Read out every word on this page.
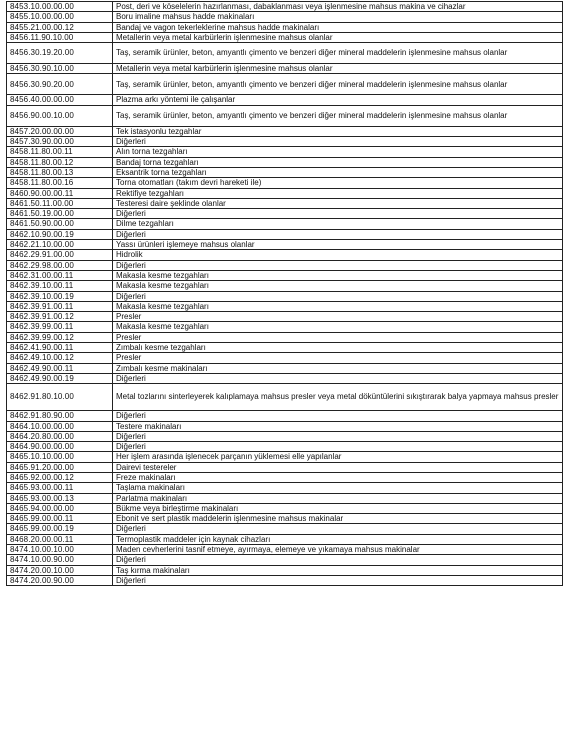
8453.10.00.00.00	Post, deri ve köselelerin hazırlanması, dabaklanması veya işlenmesine mahsus makina ve cihazlar
8455.10.00.00.00	Boru imaline mahsus hadde makinaları
8455.21.00.00.12	Bandaj ve vagon tekerleklerine mahsus hadde makinaları
8456.11.90.10.00	Metallerin veya metal karbürlerin işlenmesine mahsus olanlar
8456.30.19.20.00	Taş, seramik ürünler, beton, amyantlı çimento ve benzeri diğer mineral maddelerin işlenmesine mahsus olanlar
8456.30.90.10.00	Metallerin veya metal karbürlerin işlenmesine mahsus olanlar
8456.30.90.20.00	Taş, seramik ürünler, beton, amyantlı çimento ve benzeri diğer mineral maddelerin işlenmesine mahsus olanlar
8456.40.00.00.00	Plazma arkı yöntemi ile çalışanlar
8456.90.00.10.00	Taş, seramik ürünler, beton, amyantlı çimento ve benzeri diğer mineral maddelerin işlenmesine mahsus olanlar
8457.20.00.00.00	Tek istasyonlu tezgahlar
8457.30.90.00.00	Diğerleri
8458.11.80.00.11	Alın torna tezgahları
8458.11.80.00.12	Bandaj torna tezgahları
8458.11.80.00.13	Eksantrik torna tezgahları
8458.11.80.00.16	Torna otomatları (takım devri hareketi ile)
8460.90.00.00.11	Rektifiye tezgahları
8461.50.11.00.00	Testeresi daire şeklinde olanlar
8461.50.19.00.00	Diğerleri
8461.50.90.00.00	Dilme tezgahları
8462.10.90.00.19	Diğerleri
8462.21.10.00.00	Yassı ürünleri işlemeye mahsus olanlar
8462.29.91.00.00	Hidrolik
8462.29.98.00.00	Diğerleri
8462.31.00.00.11	Makasla kesme tezgahları
8462.39.10.00.11	Makasla kesme tezgahları
8462.39.10.00.19	Diğerleri
8462.39.91.00.11	Makasla kesme tezgahları
8462.39.91.00.12	Presler
8462.39.99.00.11	Makasla kesme tezgahları
8462.39.99.00.12	Presler
8462.41.90.00.11	Zımbalı kesme tezgahları
8462.49.10.00.12	Presler
8462.49.90.00.11	Zımbalı kesme makinaları
8462.49.90.00.19	Diğerleri
8462.91.80.10.00	Metal tozlarını sinterleyerek kalıplamaya mahsus presler veya metal döküntülerini sıkıştırarak balya yapmaya mahsus presler
8462.91.80.90.00	Diğerleri
8464.10.00.00.00	Testere makinaları
8464.20.80.00.00	Diğerleri
8464.90.00.00.00	Diğerleri
8465.10.10.00.00	Her işlem arasında işlenecek parçanın yüklemesi elle yapılanlar
8465.91.20.00.00	Dairevi testereler
8465.92.00.00.12	Freze makinaları
8465.93.00.00.11	Taşlama makinaları
8465.93.00.00.13	Parlatma makinaları
8465.94.00.00.00	Bükme veya birleştirme makinaları
8465.99.00.00.11	Ebonit ve sert plastik maddelerin işlenmesine mahsus makinalar
8465.99.00.00.19	Diğerleri
8468.20.00.00.11	Termoplastik maddeler için kaynak cihazları
8474.10.00.10.00	Maden cevherlerini tasnif etmeye, ayırmaya, elemeye ve yıkamaya mahsus makinalar
8474.10.00.90.00	Diğerleri
8474.20.00.10.00	Taş kırma makinaları
8474.20.00.90.00	Diğerleri
